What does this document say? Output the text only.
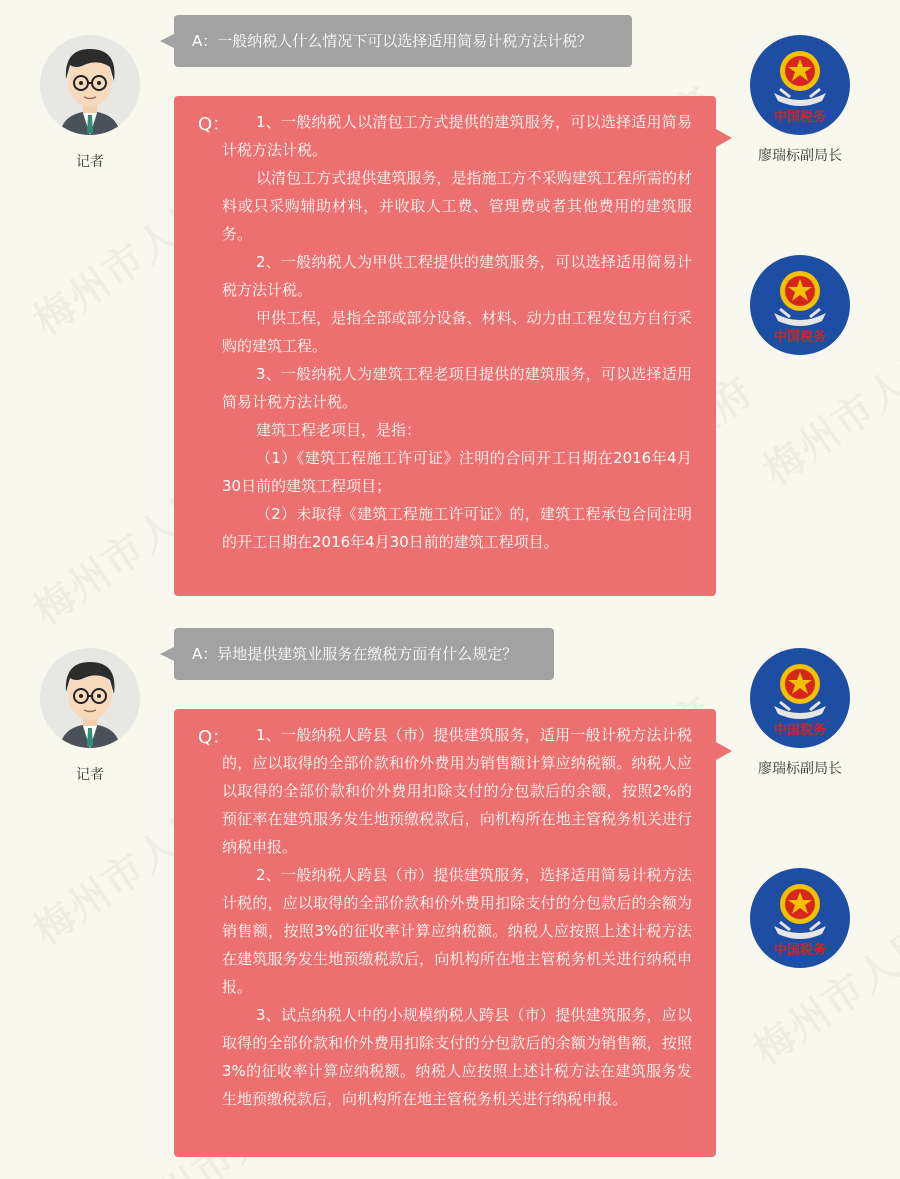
记者
A：一般纳税人什么情况下可以选择适用简易计税方法计税？
中国税务
廖瑞标副局长
中国税务
Q：	1、一般纳税人以清包工方式提供的建筑服务，可以选择适用简易计税方法计税。

以清包工方式提供建筑服务，是指施工方不采购建筑工程所需的材料或只采购辅助材料，并收取人工费、管理费或者其他费用的建筑服务。

2、一般纳税人为甲供工程提供的建筑服务，可以选择适用简易计税方法计税。

甲供工程，是指全部或部分设备、材料、动力由工程发包方自行采购的建筑工程。

3、一般纳税人为建筑工程老项目提供的建筑服务，可以选择适用简易计税方法计税。

建筑工程老项目，是指：

（1）《建筑工程施工许可证》注明的合同开工日期在2016年4月30日前的建筑工程项目；

（2）未取得《建筑工程施工许可证》的，建筑工程承包合同注明的开工日期在2016年4月30日前的建筑工程项目。

记者
A：异地提供建筑业服务在缴税方面有什么规定？
中国税务
廖瑞标副局长
中国税务
Q：	1、一般纳税人跨县（市）提供建筑服务，适用一般计税方法计税的，应以取得的全部价款和价外费用为销售额计算应纳税额。纳税人应以取得的全部价款和价外费用扣除支付的分包款后的余额，按照2%的预征率在建筑服务发生地预缴税款后，向机构所在地主管税务机关进行纳税申报。

2、一般纳税人跨县（市）提供建筑服务，选择适用简易计税方法计税的，应以取得的全部价款和价外费用扣除支付的分包款后的余额为销售额，按照3%的征收率计算应纳税额。纳税人应按照上述计税方法在建筑服务发生地预缴税款后，向机构所在地主管税务机关进行纳税申报。

3、试点纳税人中的小规模纳税人跨县（市）提供建筑服务，应以取得的全部价款和价外费用扣除支付的分包款后的余额为销售额，按照3%的征收率计算应纳税额。纳税人应按照上述计税方法在建筑服务发生地预缴税款后，向机构所在地主管税务机关进行纳税申报。
